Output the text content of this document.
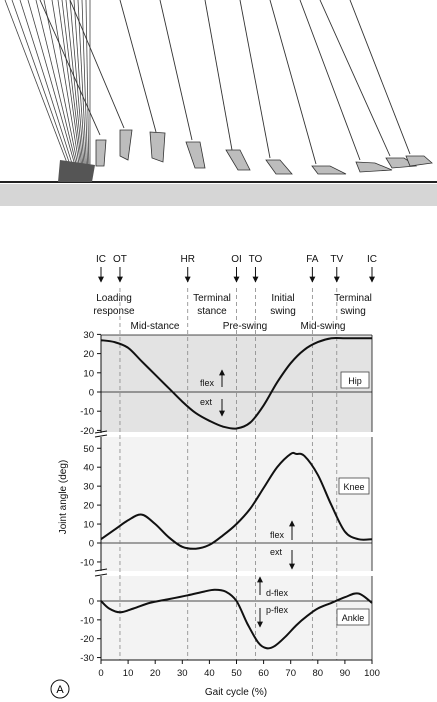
IC OT	HR	OI TO	FA TV IC
Loading
response
Mid-stance
Terminal
stance
Pre-swing
Initial
swing
Mid-swing
Terminal
swing
30
20
10
0
-10
-20
Hip
50
40
30
20
10
0
-10
Knee
0
-10
-20
-30
Ankle
0 10 20 30 40 50 60 70 80 90 100
flex
ext
flex
ext
d-flex
p-flex
Gait cycle (%)
Joint angle (deg)
A
